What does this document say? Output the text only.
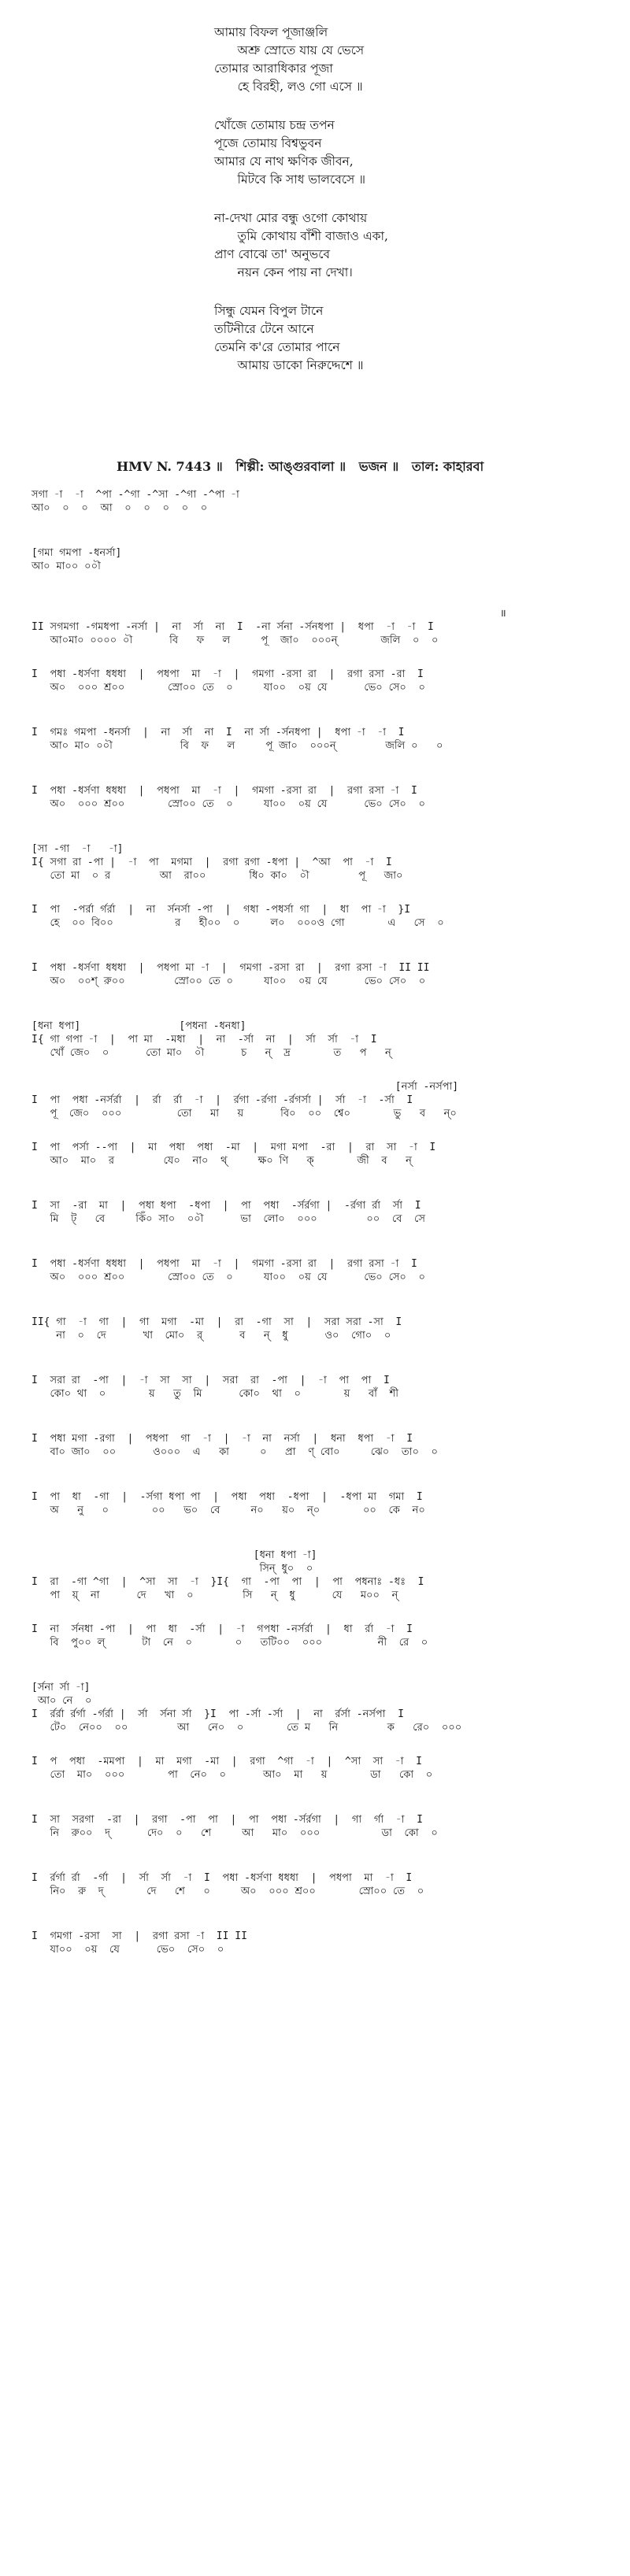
আমায় বিফল পূজাঞ্জলি
অশ্রু স্রোতে যায় যে ভেসে
তোমার আরাধিকার পূজা
হে বিরহী, লও গো এসে ॥
খোঁজে তোমায় চন্দ্র তপন
পূজে তোমায় বিশ্বভুবন
আমার যে নাথ ক্ষণিক জীবন,
মিটবে কি সাধ ভালবেসে ॥
না-দেখা মোর বন্ধু ওগো কোথায়
তুমি কোথায় বাঁশী বাজাও একা,
প্রাণ বোঝে তা' অনুভবে
নয়ন কেন পায় না দেখা।
সিন্ধু যেমন বিপুল টানে
তটিনীরে টেনে আনে
তেমনি ক'রে তোমার পানে
আমায় ডাকো নিরুদ্দেশে ॥
HMV N. 7443 ॥   শিল্পী: আঙ্গুরবালা ॥   ভজন ॥   তাল: কাহারবা
সগা -া  -া  ^পা -^গা -^সা -^গা -^পা -া
আ০  ০  ০  আ  ০  ০  ০  ০  ০
[গমা গমপা -ধনর্সা]
আ০ মা০০ ০০ৗ
॥
II সগমগা -গমধপা -নর্সা |  না  র্সা  না  I  -না র্সনা -র্সনধপা |  ধপা  -া  -া  I
আ০মা০ ০০০০ ০ৗ      বি   ফ   ল     পূ  জা০  ০০০ন্       জলি  ০  ০
I  পধা -ধর্সণা ধধধা  |  পধপা  মা  -া  |  গমগা -রসা রা  |  রগা রসা -রা  I
অ০  ০০০ শ্র০০       স্রো০০ তে  ০     যা০০  ০য় যে      ভে০ সে০  ০
I  গমঃ গমপা -ধনর্সা  |  না  র্সা  না  I  না র্সা -র্সনধপা |  ধপা -া  -া  I
আ০ মা০ ০০ৗ           বি  ফ   ল     পূ জা০  ০০০ন্        জলি ০   ০
I  পধা -ধর্সণা ধধধা  |  পধপা  মা  -া  |  গমগা -রসা রা  |  রগা রসা -া  I
অ০  ০০০ শ্র০০       স্রো০০ তে  ০     যা০০  ০য় যে      ভে০ সে০  ০
[সা -গা  -া   -া]
I{ সগা রা -পা |  -া  পা  মগমা  |  রগা রগা -ধপা |  ^আ  পা  -া  I
তো মা  ০ র        আ  রা০০       ধি০ কা০  ০ৗ        পূ   জা০
I  পা  -পর্রা র্গর্রা  |  না  র্সনর্সা -পা  |  গধা -পধর্সা গা  |  ধা  পা -া  }I
হে  ০০ বি০০          র   হী০০  ০     ল০  ০০০ও গো       এ   সে  ০
I  পধা -ধর্সণা ধধধা  |  পধপা মা -া  |  গমগা -রসা রা  |  রগা রসা -া  II II
অ০  ০০শ্ রু০০        স্রো০০ তে ০     যা০০  ০য় যে      ভে০ সে০  ০
[ধনা ধপা]                [পধনা -ধনধা]
I{ গা গপা -া  |  পা মা  -মধা  |  না  -র্সা  না  |  র্সা  র্সা  -া  I
খোঁ জে০  ০      তো মা০  ০ৗ      চ   ন্  দ্র       ত   প   ন্
[নর্সা -নর্সপা]
I  পা  পধা -নর্সর্রা  |  র্রা  র্রা  -া  |  র্রগা -র্রগা -র্রগর্সা |  র্সা  -া  -র্সা  I
পূ  জে০  ০০০         তো   মা   য়      বি০  ০০  শ্বে০       ভু   ব   ন্০
I  পা  পর্সা --পা  |  মা  পধা  পধা  -মা  |  মগা মপা  -রা  |  রা  সা  -া  I
আ০  মা০  র        যে০  না০  থ্     ক্ষ০ ণি   ক্       জী  ব   ন্
I  সা  -রা  মা  |  পধা ধপা  -ধপা  |  পা  পধা  -র্সর্রগা |  -র্রগা র্রা  র্সা  I
মি  ট্   বে     কিঁ০ সা০  ০০ৗ      ভা  লো০  ০০০        ০০  বে  সে
I  পধা -ধর্সণা ধধধা  |  পধপা  মা  -া  |  গমগা -রসা রা  |  রগা রসা -া  I
অ০  ০০০ শ্র০০       স্রো০০ তে  ০     যা০০  ০য় যে      ভে০ সে০  ০
II{ গা  -া  গা  |  গা  মগা  -মা  |  রা  -গা  সা  |  সরা সরা -সা  I
না  ০  দে      খা  মো০  র্      ব   ন্  ধু      ও০  গো০  ০
I  সরা রা  -পা  |  -া  সা  সা  |  সরা  রা  -পা  |  -া  পা  পা  I
কো০ থা  ০       য়   তু  মি      কো০  থা  ০       য়   বাঁ  শী
I  পধা মগা -রগা  |  পধপা  গা  -া  |  -া  না  নর্সা  |  ধনা  ধপা  -া  I
বা০ জা০  ০০      ও০০০  এ   কা     ০   প্রা  ণ্ বো০     ঝে০  তা০  ০
I  পা  ধা  -গা  |  -র্সগা ধপা পা  |  পধা  পধা  -ধপা  |  -ধপা মা  গমা  I
অ   নু   ০       ০০   ভ০  বে     ন০   য়০  ন্০       ০০  কে  ন০
[ধনা ধপা -া]
সিন্ ধু০  ০
I  রা  -গা ^গা  |  ^সা  সা  -া  }I{  গা  -পা  পা  |  পা  পধনাঃ -ধঃ  I
পা  য়্  না      দে   খা  ০        সি   ন্  ধু      যে   ম০০  ন্
I  না  র্সনধা -পা  |  পা  ধা  -র্সা  |  -া  গপধা -নর্সর্রা  |  ধা  র্রা  -া  I
বি  পু০০ ল্      টা  নে  ০       ০   তটি০০  ০০০         নী  রে  ০
[র্সনা র্সা -া]
আ০ নে  ০
I  র্রর্রা র্রর্গা -র্গর্রা |  র্সা  র্সনা র্সা  }I  পা -র্সা -র্সা  |  না  র্রর্সা -নর্সপা  I
টে০  নে০০  ০০        আ   নে০  ০       তে ম   নি        ক   রে০  ০০০
I  প  পধা  -মমপা  |  মা  মগা  -মা  |  রগা  ^গা  -া  |  ^সা  সা  -া  I
তো  মা০  ০০০       পা  নে০  ০      আ০  মা   য়       ডা   কো  ০
I  সা  সরগা  -রা  |  রগা  -পা  পা  |  পা  পধা -র্সর্রগা  |  গা  র্গা  -া  I
নি  রু০০  দ্      দে০  ০   শে     আ   মা০  ০০০          ডা  কো  ০
I  র্রর্গা র্রা  -র্গা  |  র্সা  র্সা  -া  I  পধা -ধর্সণা ধধধা  |  পধপা  মা  -া  I
নি০  রু  দ্       দে   শে   ০     অ০  ০০০ শ্র০০       স্রো০০ তে  ০
I  গমগা -রসা  সা  |  রগা রসা -া  II II
যা০০  ০য়  যে      ভে০  সে০  ০
